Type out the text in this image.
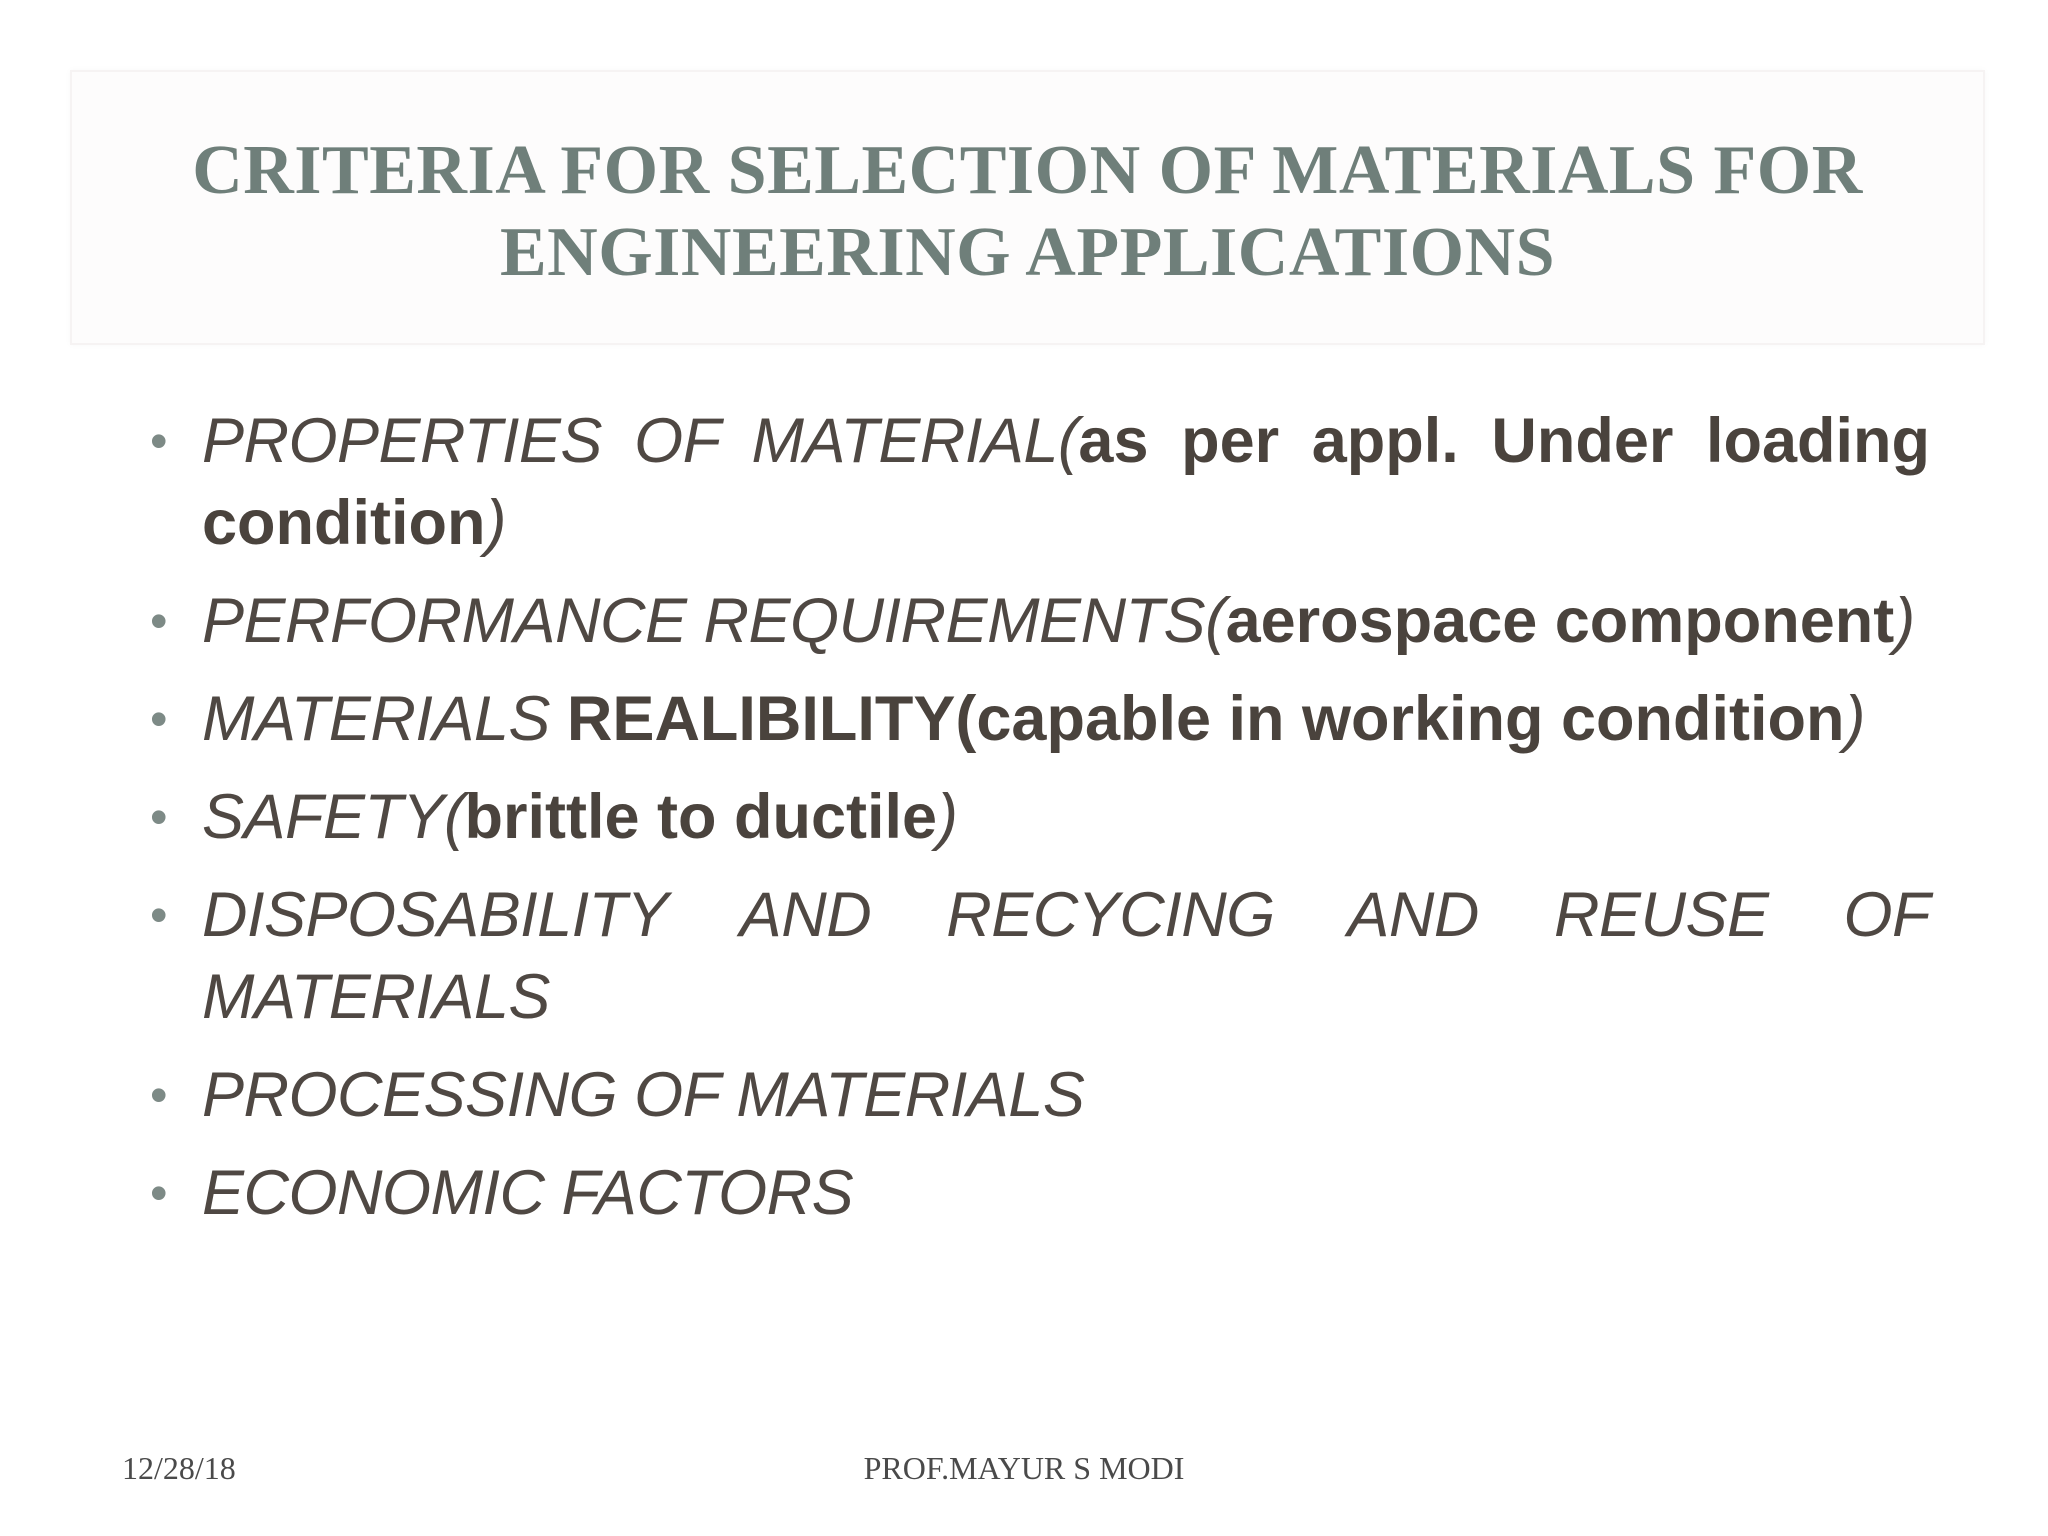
CRITERIA FOR SELECTION OF MATERIALS FOR
ENGINEERING APPLICATIONS
• PROPERTIES OF MATERIAL(as per appl. Under loading condition)
• PERFORMANCE REQUIREMENTS(aerospace component)
• MATERIALS REALIBILITY(capable in working condition)
• SAFETY(brittle to ductile)
• DISPOSABILITY AND RECYCING AND REUSE OF MATERIALS
• PROCESSING OF MATERIALS
• ECONOMIC FACTORS
PROF.MAYUR S MODI
12/28/18
